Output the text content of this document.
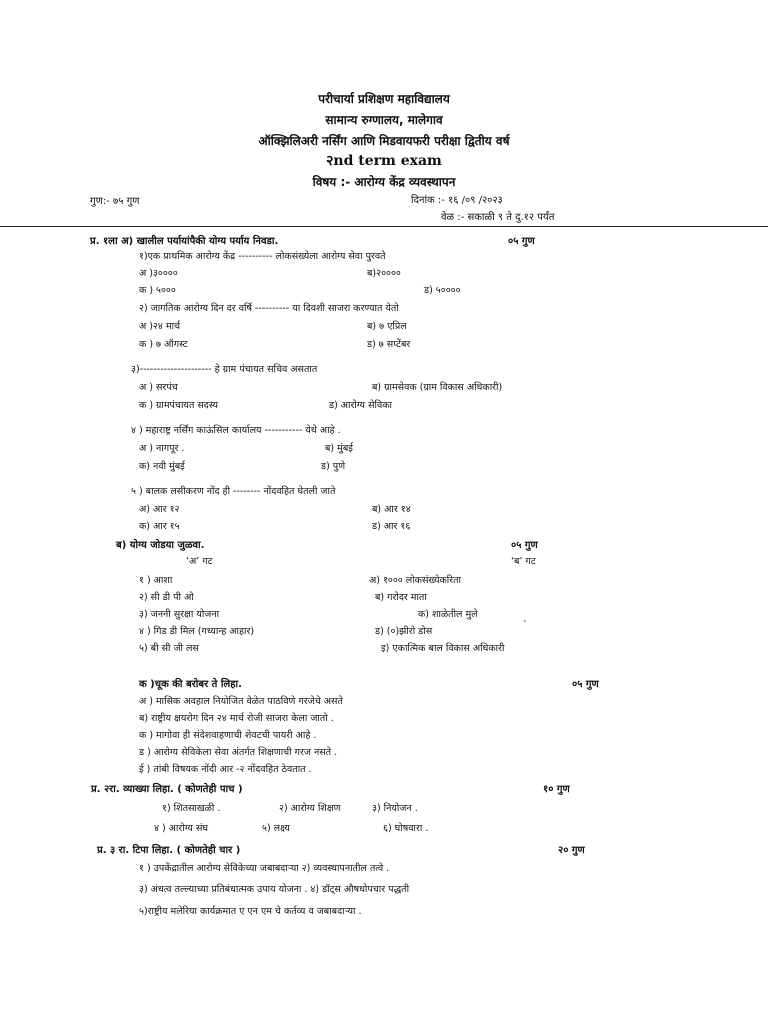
परीचार्या प्रशिक्षण महाविद्यालय
सामान्य रुग्णालय, मालेगाव
ऑक्झिलिअरी नर्सिंग आणि मिडवायफरी परीक्षा द्वितीय वर्ष
२nd term exam
विषय :- आरोग्य केंद्र व्यवस्थापन
गुण:- ७५ गुण	दिनांक :- १६ /०९ /२०२३
वेळ :- सकाळी ९ ते दु.१२ पर्यंत
प्र. १ला अ) खालील पर्यायांपैकी योग्य पर्याय निवडा.	०५ गुण
१)एक प्राथमिक आरोग्य केंद्र ---------- लोकसंख्येला आरोग्य सेवा पुरवते
अ )३००००	ब)२००००
क ) ५०००	ड) ५००००
२) जागतिक आरोग्य दिन दर वर्षि ---------- या दिवशी साजरा करण्यात येतो
अ )२४ मार्च	ब) ७ एप्रिल
क ) ७ ऑगस्ट	ड) ७ सप्टेंबर
३)--------------------- हे ग्राम पंचायत सचिव असतात
अ ) सरपंच	ब) ग्रामसेवक (ग्राम विकास अधिकारी)
क ) ग्रामपंचायत सदस्य	ड) आरोग्य सेविका
४ ) महाराष्ट्र नर्सिंग काऊंसिल कार्यालय ----------- येथे आहे .
अ ) नागपूर .	ब) मुंबई
क) नवी मुंबई	ड) पुणे
५ ) बालक लसीकरण नोंद ही -------- नोंदवहित घेतली जाते
अ) आर १२	ब) आर १४
क) आर १५	ड) आर १६
ब) योग्य जोडया जुळवा.	०५ गुण
‘अ’ गट	‘ब’ गट
१ ) आशा	अ) १००० लोकसंख्येकरिता
२) सी डी पी ओ	ब) गरोदर माता
३) जननी सुरक्षा योजना	क) शाळेतील मुले
४ ) गिड डी मिल (गध्यान्ह आहार)	ड) (०)झीरो डोस
´
५) बी सी जी लस	इ) एकात्मिक बाल विकास अधिकारी
क )चूक की बरोबर ते लिहा.	०५ गुण
अ ) मासिक अवहाल नियोजित वेळेत पाठविणे गरजेचे असते
ब) राष्ट्रीय क्षयरोग दिन २४ मार्च रोजी साजरा केला जातो .
क ) मागोवा ही संदेशवाहणाची शेवटची पायरी आहे .
ड ) आरोग्य सेविकेला सेवा अंतर्गत शिक्षणाची गरज नसते .
ई ) तांबी विषयक नोंदी आर -२ नोंदवहित ठेवतात .
प्र. २रा. व्याख्या लिहा. ( कोणतेही पाच )	१० गुण
१) शितसाखळी .	२) आरोग्य शिक्षण	३) नियोजन .
४ ) आरोग्य संघ	५) लक्ष्य	६) घोषवारा .
प्र. ३ रा. टिपा लिहा. ( कोणतेही चार )	२० गुण
१ ) उपकेंद्रातील आरोग्य सेविकेच्या जबाबदाऱ्या २) व्यवस्थापनातील तत्वे .
३) अंधत्व तल्ल्याच्या प्रतिबंधात्मक उपाय योजना . ४) डॉट्स औषधोपचार पद्धती
५)राष्ट्रीय मलेरिया कार्यक्रमात ए एन एम चे कर्तव्य व जबाबदाऱ्या .
